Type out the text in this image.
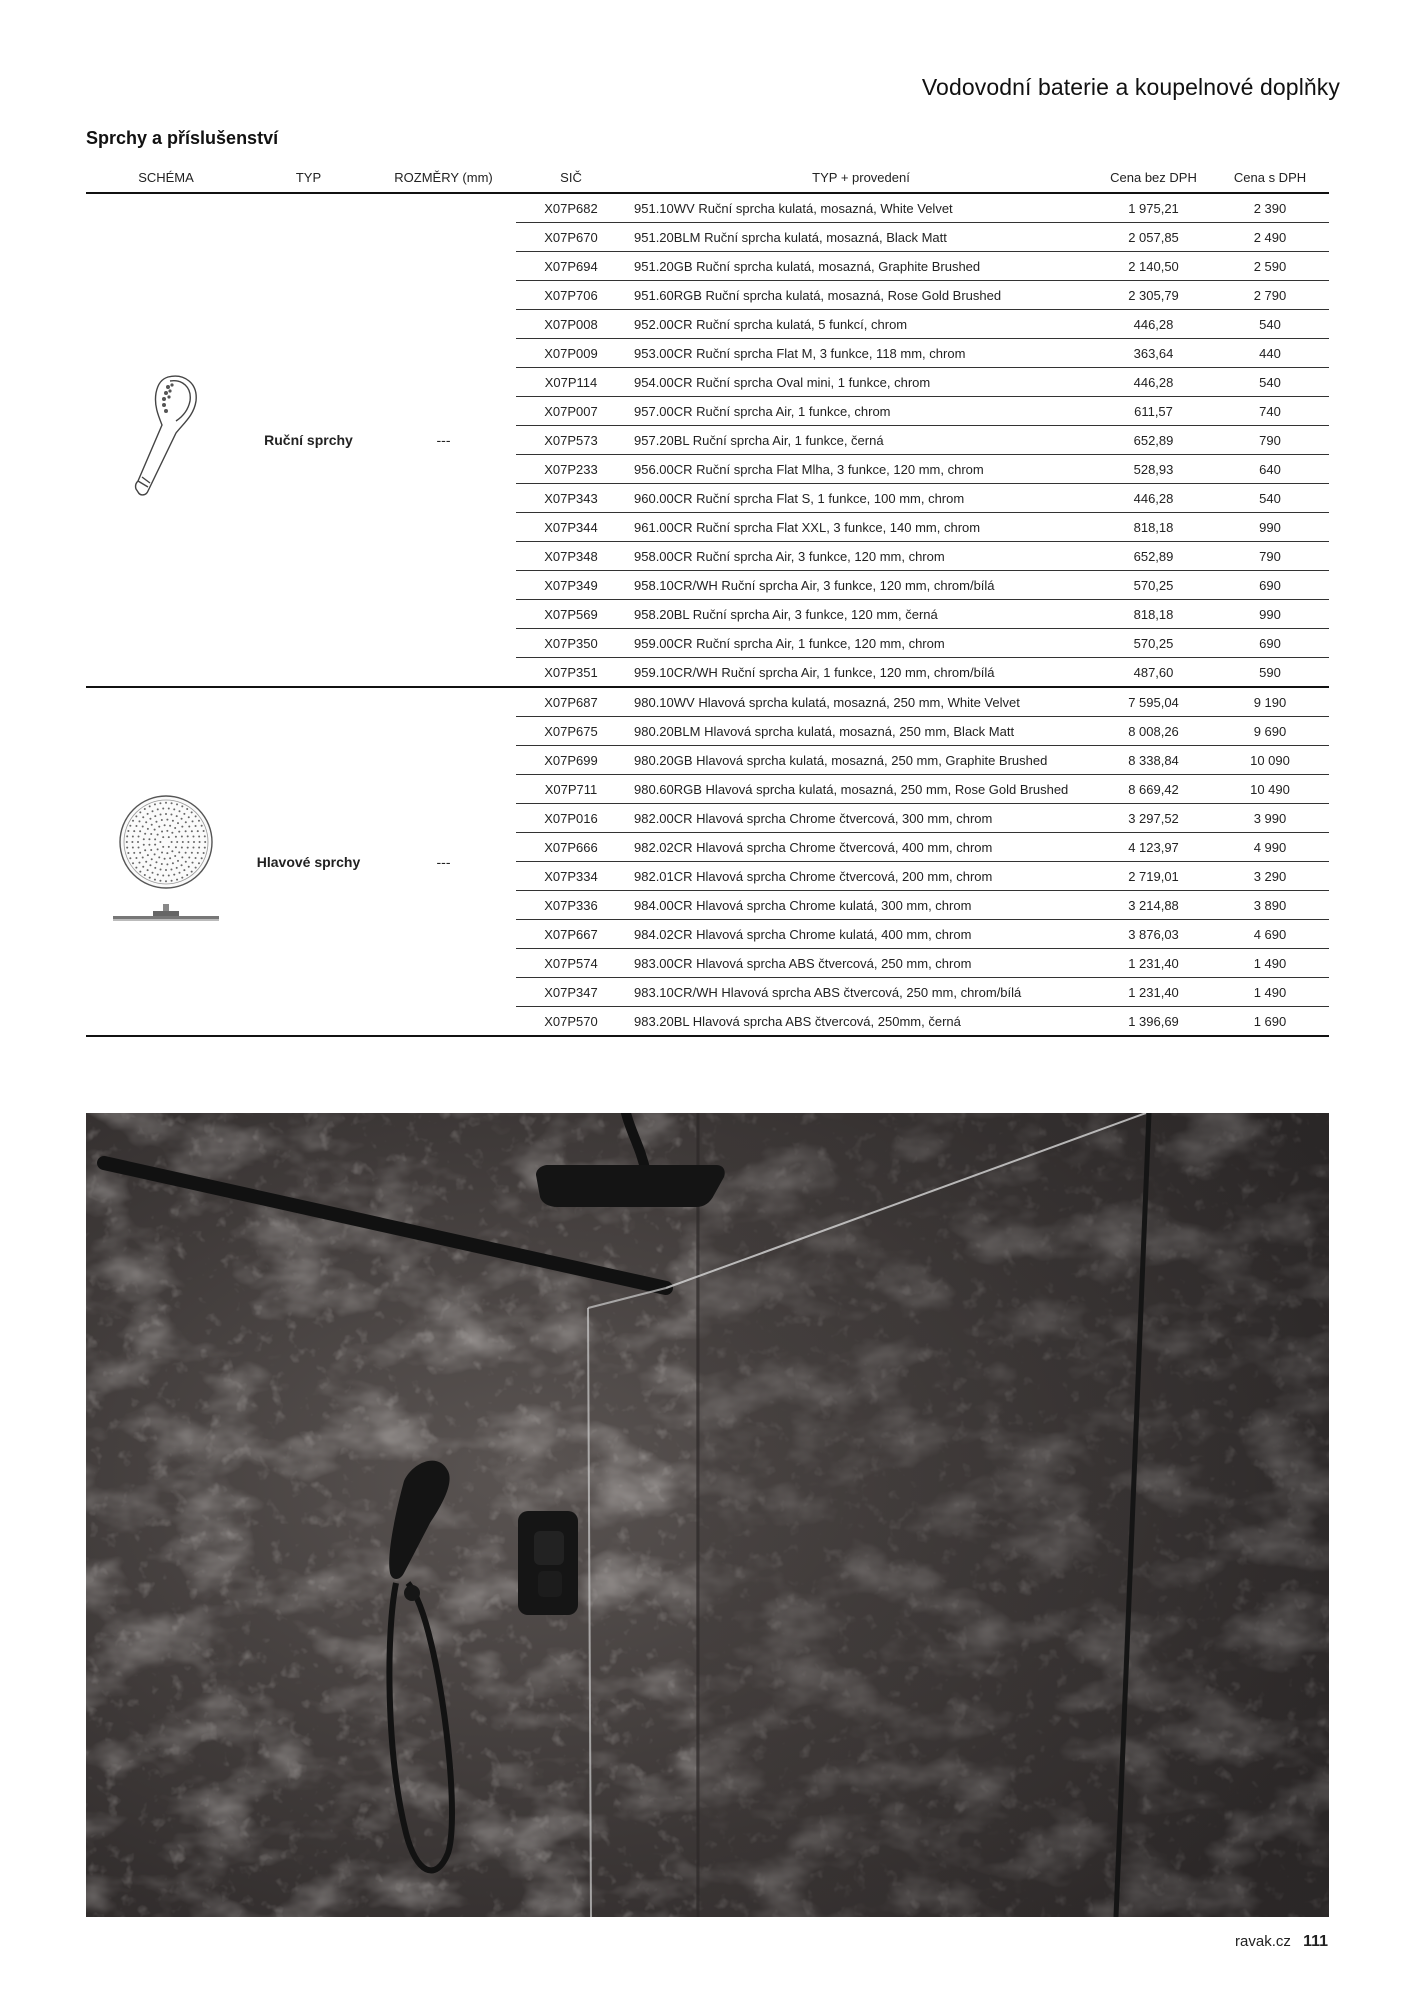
Vodovodní baterie a koupelnové doplňky
Sprchy a příslušenství
SCHÉMA	TYP	ROZMĚRY (mm)	SIČ	TYP + provedení	Cena bez DPH	Cena s DPH
	Ruční sprchy	---	X07P682	951.10WV Ruční sprcha kulatá, mosazná, White Velvet	1 975,21	2 390
			X07P670	951.20BLM Ruční sprcha kulatá, mosazná, Black Matt	2 057,85	2 490
			X07P694	951.20GB Ruční sprcha kulatá, mosazná, Graphite Brushed	2 140,50	2 590
			X07P706	951.60RGB Ruční sprcha kulatá, mosazná, Rose Gold Brushed	2 305,79	2 790
			X07P008	952.00CR Ruční sprcha kulatá, 5 funkcí, chrom	446,28	540
			X07P009	953.00CR Ruční sprcha Flat M, 3 funkce, 118 mm, chrom	363,64	440
			X07P114	954.00CR Ruční sprcha Oval mini, 1 funkce, chrom	446,28	540
			X07P007	957.00CR Ruční sprcha Air, 1 funkce, chrom	611,57	740
			X07P573	957.20BL Ruční sprcha Air, 1 funkce, černá	652,89	790
			X07P233	956.00CR Ruční sprcha Flat Mlha, 3 funkce, 120 mm, chrom	528,93	640
			X07P343	960.00CR Ruční sprcha Flat S, 1 funkce, 100 mm, chrom	446,28	540
			X07P344	961.00CR Ruční sprcha Flat XXL, 3 funkce, 140 mm, chrom	818,18	990
			X07P348	958.00CR Ruční sprcha Air, 3 funkce, 120 mm, chrom	652,89	790
			X07P349	958.10CR/WH Ruční sprcha Air, 3 funkce, 120 mm, chrom/bílá	570,25	690
			X07P569	958.20BL Ruční sprcha Air, 3 funkce, 120 mm, černá	818,18	990
			X07P350	959.00CR Ruční sprcha Air, 1 funkce, 120 mm, chrom	570,25	690
			X07P351	959.10CR/WH Ruční sprcha Air, 1 funkce, 120 mm, chrom/bílá	487,60	590
	Hlavové sprchy	---	X07P687	980.10WV Hlavová sprcha kulatá, mosazná, 250 mm, White Velvet	7 595,04	9 190
			X07P675	980.20BLM Hlavová sprcha kulatá, mosazná, 250 mm, Black Matt	8 008,26	9 690
			X07P699	980.20GB Hlavová sprcha kulatá, mosazná, 250 mm, Graphite Brushed	8 338,84	10 090
			X07P711	980.60RGB Hlavová sprcha kulatá, mosazná, 250 mm, Rose Gold Brushed	8 669,42	10 490
			X07P016	982.00CR Hlavová sprcha Chrome čtvercová, 300 mm, chrom	3 297,52	3 990
			X07P666	982.02CR Hlavová sprcha Chrome čtvercová, 400 mm, chrom	4 123,97	4 990
			X07P334	982.01CR Hlavová sprcha Chrome čtvercová, 200 mm, chrom	2 719,01	3 290
			X07P336	984.00CR Hlavová sprcha Chrome kulatá, 300 mm, chrom	3 214,88	3 890
			X07P667	984.02CR Hlavová sprcha Chrome kulatá, 400 mm, chrom	3 876,03	4 690
			X07P574	983.00CR Hlavová sprcha ABS čtvercová, 250 mm, chrom	1 231,40	1 490
			X07P347	983.10CR/WH Hlavová sprcha ABS čtvercová, 250 mm, chrom/bílá	1 231,40	1 490
			X07P570	983.20BL Hlavová sprcha ABS čtvercová, 250mm, černá	1 396,69	1 690
ravak.cz 111
